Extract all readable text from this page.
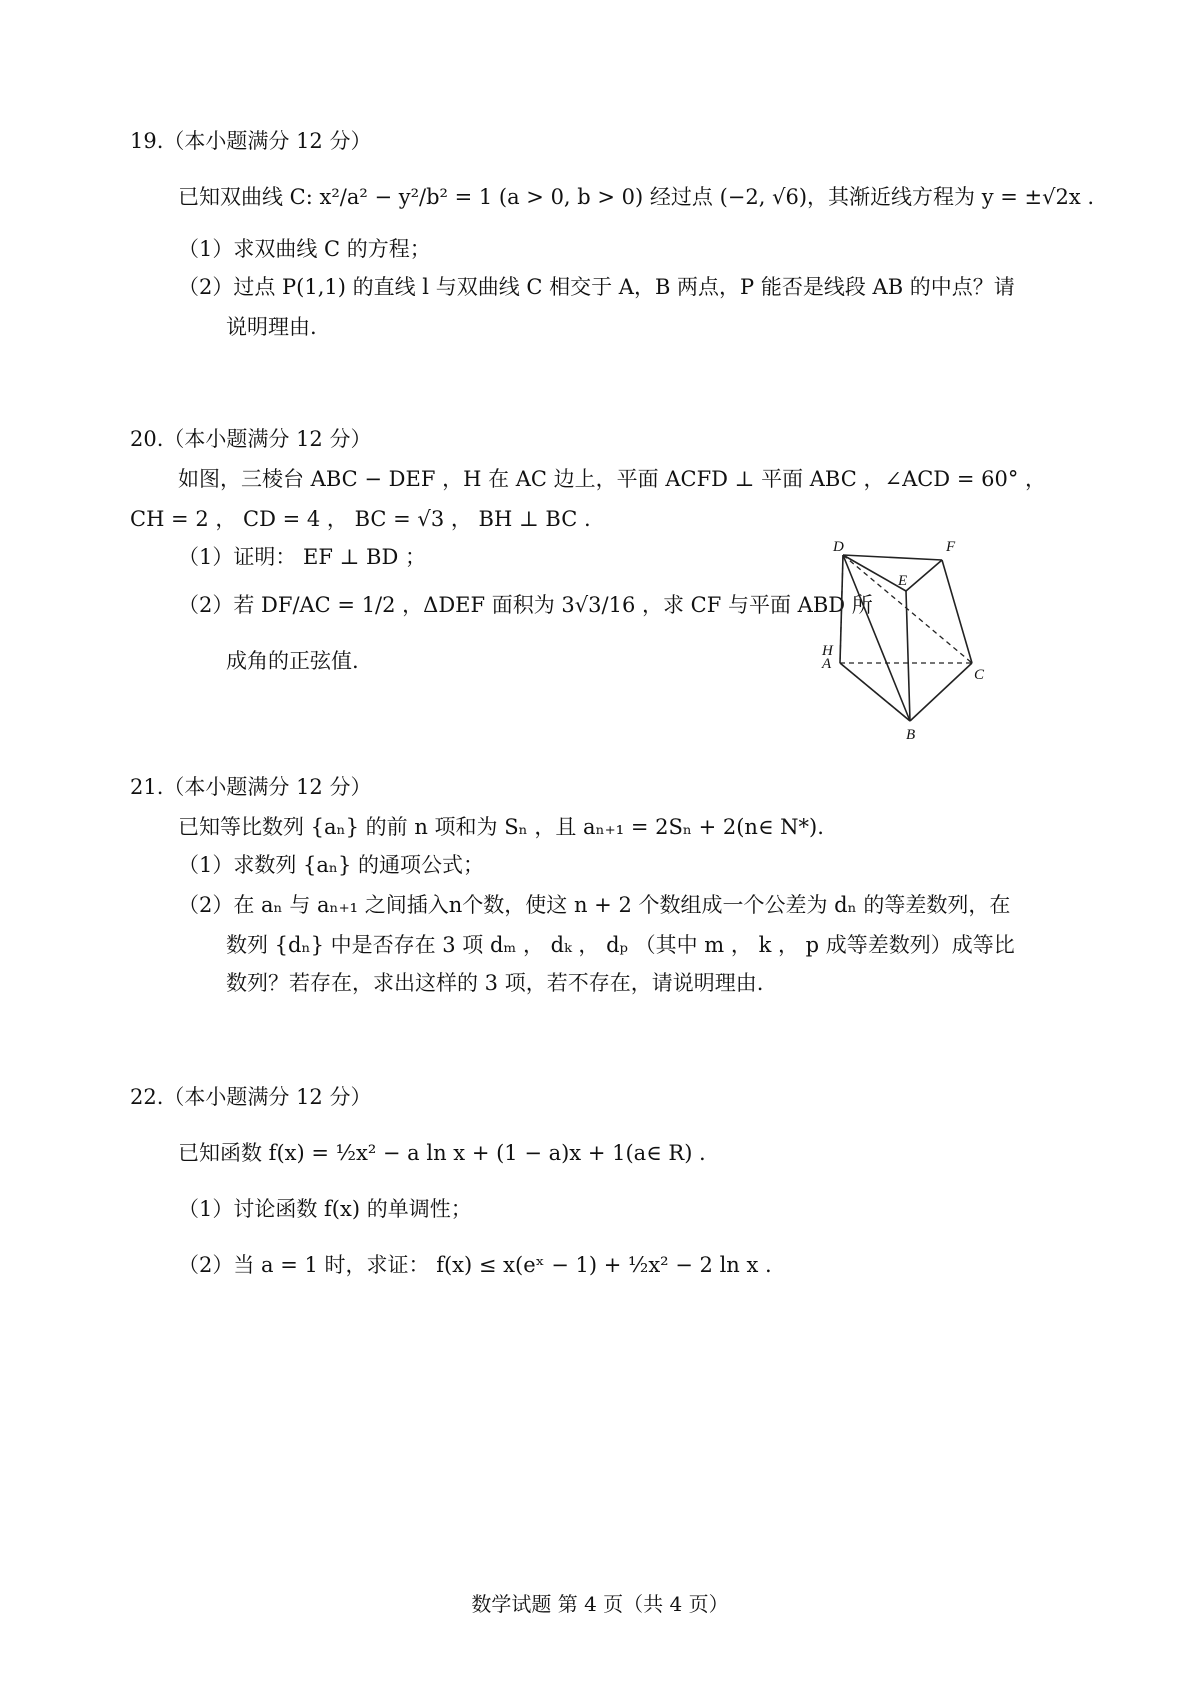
19.（本小题满分 12 分）
已知双曲线 C: x²/a² − y²/b² = 1 (a > 0, b > 0) 经过点 (−2, √6)，其渐近线方程为 y = ±√2x .
（1）求双曲线 C 的方程；
（2）过点 P(1,1) 的直线 l 与双曲线 C 相交于 A，B 两点，P 能否是线段 AB 的中点？请
说明理由.
20.（本小题满分 12 分）
如图，三棱台 ABC − DEF ，H 在 AC 边上，平面 ACFD ⊥ 平面 ABC ，∠ACD = 60° ，
CH = 2 ， CD = 4 ， BC = √3 ， BH ⊥ BC .
（1）证明： EF ⊥ BD ；
（2）若 DF/AC = 1/2 ，ΔDEF 面积为 3√3/16 ，求 CF 与平面 ABD 所
成角的正弦值.
D	F
E
A
H
C
B
21.（本小题满分 12 分）
已知等比数列 {aₙ} 的前 n 项和为 Sₙ ，且 aₙ₊₁ = 2Sₙ + 2(n∈ N*).
（1）求数列 {aₙ} 的通项公式；
（2）在 aₙ 与 aₙ₊₁ 之间插入n个数，使这 n + 2 个数组成一个公差为 dₙ 的等差数列，在
数列 {dₙ} 中是否存在 3 项 dₘ ， dₖ ， dₚ （其中 m ， k ， p 成等差数列）成等比
数列？若存在，求出这样的 3 项，若不存在，请说明理由.
22.（本小题满分 12 分）
已知函数 f(x) = ½x² − a ln x + (1 − a)x + 1(a∈ R) .
（1）讨论函数 f(x) 的单调性；
（2）当 a = 1 时，求证： f(x) ≤ x(eˣ − 1) + ½x² − 2 ln x .
数学试题 第 4 页（共 4 页）
